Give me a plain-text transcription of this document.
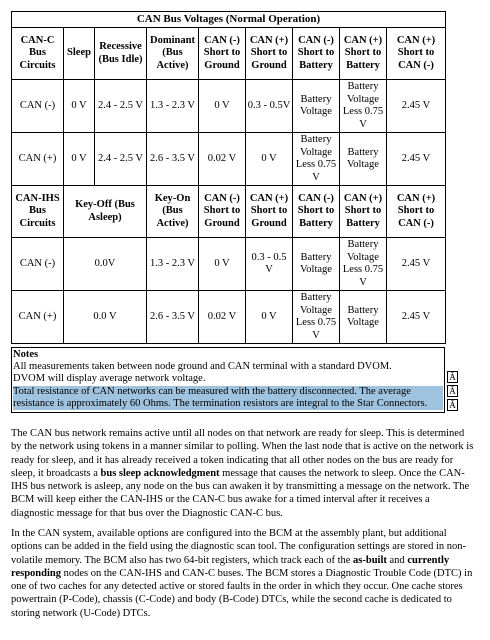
CAN Bus Voltages (Normal Operation)								
CAN-C Bus Circuits	Sleep	Recessive (Bus Idle)	Dominant (Bus Active)	CAN (-) Short to Ground	CAN (+) Short to Ground	CAN (-) Short to Battery	CAN (+) Short to Battery	CAN (+) Short to CAN (-)
CAN (-)	0 V	2.4 - 2.5 V	1.3 - 2.3 V	0 V	0.3 - 0.5V	Battery Voltage	Battery Voltage Less 0.75 V	2.45 V
CAN (+)	0 V	2.4 - 2.5 V	2.6 - 3.5 V	0.02 V	0 V	Battery Voltage Less 0.75 V	Battery Voltage	2.45 V
CAN-IHS Bus Circuits	Key-Off (Bus Asleep)		Key-On (Bus Active)	CAN (-) Short to Ground	CAN (+) Short to Ground	CAN (-) Short to Battery	CAN (+) Short to Battery	CAN (+) Short to CAN (-)
CAN (-)	0.0V		1.3 - 2.3 V	0 V	0.3 - 0.5 V	Battery Voltage	Battery Voltage Less 0.75 V	2.45 V
CAN (+)	0.0 V		2.6 - 3.5 V	0.02 V	0 V	Battery Voltage Less 0.75 V	Battery Voltage	2.45 V
Notes
All measurements taken between node ground and CAN terminal with a standard DVOM.
DVOM will display average network voltage.
Total resistance of CAN networks can be measured with the battery disconnected. The average
resistance is approximately 60 Ohms. The termination resistors are integral to the Star Connectors.
Ā
Ā
Ā

The CAN bus network remains active until all nodes on that network are ready for sleep. This is determined by the network using tokens in a manner similar to polling. When the last node that is active on the network is ready for sleep, and it has already received a token indicating that all other nodes on the bus are ready for sleep, it broadcasts a bus sleep acknowledgment message that causes the network to sleep. Once the CAN-IHS bus network is asleep, any node on the bus can awaken it by transmitting a message on the network. The BCM will keep either the CAN-IHS or the CAN-C bus awake for a timed interval after it receives a diagnostic message for that bus over the Diagnostic CAN-C bus.

In the CAN system, available options are configured into the BCM at the assembly plant, but additional options can be added in the field using the diagnostic scan tool. The configuration settings are stored in non-volatile memory. The BCM also has two 64-bit registers, which track each of the as-built and currently responding nodes on the CAN-IHS and CAN-C buses. The BCM stores a Diagnostic Trouble Code (DTC) in one of two caches for any detected active or stored faults in the order in which they occur. One cache stores powertrain (P-Code), chassis (C-Code) and body (B-Code) DTCs, while the second cache is dedicated to storing network (U-Code) DTCs.
